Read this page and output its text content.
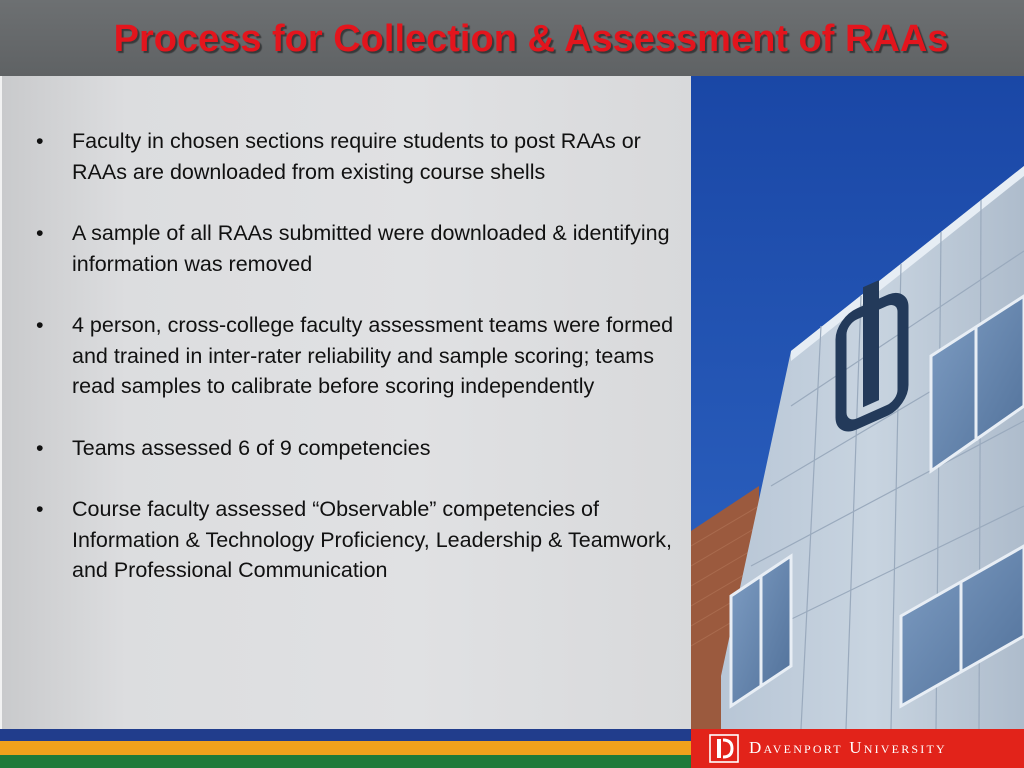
Process for Collection & Assessment of RAAs
• Faculty in chosen sections require students to post RAAs or RAAs are downloaded from existing course shells
• A sample of all RAAs submitted were downloaded & identifying information was removed
• 4 person, cross-college faculty assessment teams were formed and trained in inter-rater reliability and sample scoring; teams read samples to calibrate before scoring independently
• Teams assessed 6 of 9 competencies
• Course faculty assessed “Observable” competencies of Information & Technology Proficiency, Leadership & Teamwork, and Professional Communication
Davenport University
